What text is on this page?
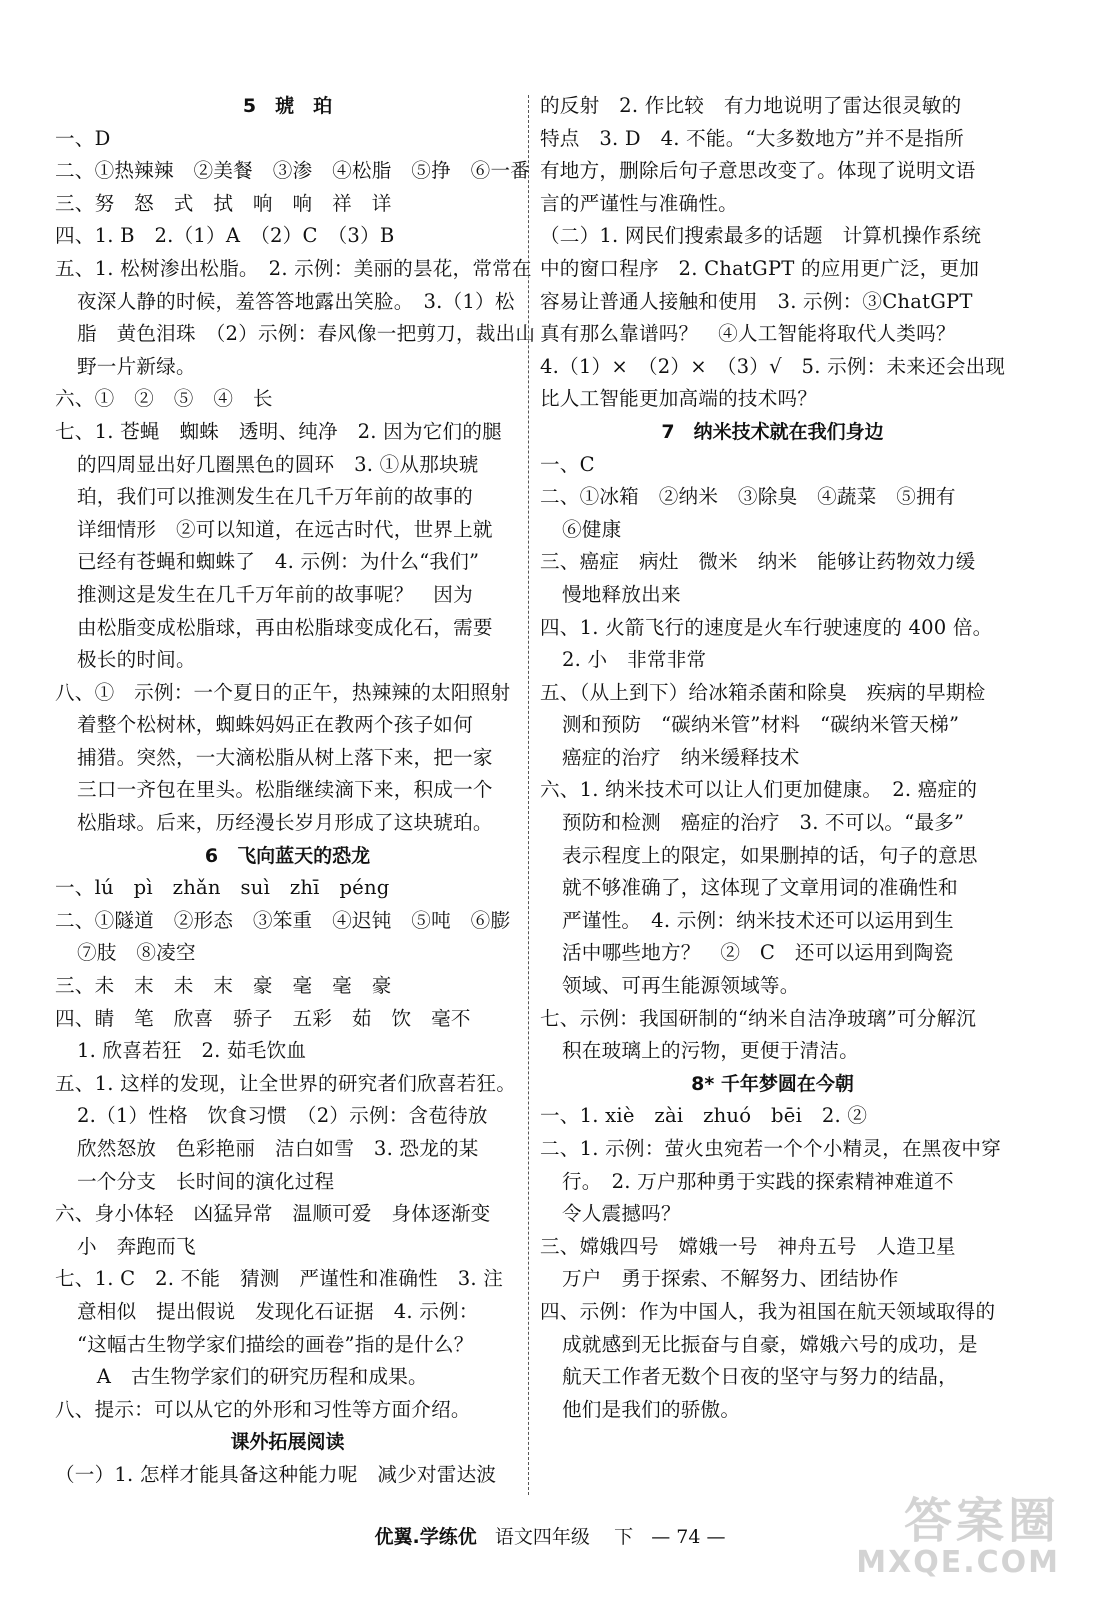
5　琥　珀
一、D
二、①热辣辣　②美餐　③渗　④松脂　⑤挣　⑥一番
三、努　怒　式　拭　响　响　祥　详
四、1. B　2.（1）A　（2）C　（3）B
五、1. 松树渗出松脂。　2. 示例：美丽的昙花，常常在
夜深人静的时候，羞答答地露出笑脸。　3.（1）松
脂　黄色泪珠　（2）示例：春风像一把剪刀，裁出山
野一片新绿。
六、①　②　⑤　④　长
七、1. 苍蝇　蜘蛛　透明、纯净　2. 因为它们的腿
的四周显出好几圈黑色的圆环　3. ①从那块琥
珀，我们可以推测发生在几千万年前的故事的
详细情形　②可以知道，在远古时代，世界上就
已经有苍蝇和蜘蛛了　4. 示例：为什么“我们”
推测这是发生在几千万年前的故事呢？　因为
由松脂变成松脂球，再由松脂球变成化石，需要
极长的时间。
八、①　示例：一个夏日的正午，热辣辣的太阳照射
着整个松树林，蜘蛛妈妈正在教两个孩子如何
捕猎。突然，一大滴松脂从树上落下来，把一家
三口一齐包在里头。松脂继续滴下来，积成一个
松脂球。后来，历经漫长岁月形成了这块琥珀。
6　飞向蓝天的恐龙
一、lú　pì　zhǎn　suì　zhī　péng
二、①隧道　②形态　③笨重　④迟钝　⑤吨　⑥膨
⑦肢　⑧凌空
三、未　末　未　末　豪　毫　毫　豪
四、睛　笔　欣喜　骄子　五彩　茹　饮　毫不
1. 欣喜若狂　2. 茹毛饮血
五、1. 这样的发现，让全世界的研究者们欣喜若狂。
2.（1）性格　饮食习惯　（2）示例：含苞待放
欣然怒放　色彩艳丽　洁白如雪　3. 恐龙的某
一个分支　长时间的演化过程
六、身小体轻　凶猛异常　温顺可爱　身体逐渐变
小　奔跑而飞
七、1. C　2. 不能　猜测　严谨性和准确性　3. 注
意相似　提出假说　发现化石证据　4. 示例：
“这幅古生物学家们描绘的画卷”指的是什么？
　A　古生物学家们的研究历程和成果。
八、提示：可以从它的外形和习性等方面介绍。
课外拓展阅读
（一）1. 怎样才能具备这种能力呢　减少对雷达波
的反射　2. 作比较　有力地说明了雷达很灵敏的
特点　3. D　4. 不能。“大多数地方”并不是指所
有地方，删除后句子意思改变了。体现了说明文语
言的严谨性与准确性。
（二）1. 网民们搜索最多的话题　计算机操作系统
中的窗口程序　2. ChatGPT 的应用更广泛，更加
容易让普通人接触和使用　3. 示例：③ChatGPT
真有那么靠谱吗？　④人工智能将取代人类吗？
4.（1）×　（2）×　（3）√　5. 示例：未来还会出现
比人工智能更加高端的技术吗？
7　纳米技术就在我们身边
一、C
二、①冰箱　②纳米　③除臭　④蔬菜　⑤拥有
⑥健康
三、癌症　病灶　微米　纳米　能够让药物效力缓
慢地释放出来
四、1. 火箭飞行的速度是火车行驶速度的 400 倍。
2. 小　非常非常
五、（从上到下）给冰箱杀菌和除臭　疾病的早期检
测和预防　“碳纳米管”材料　“碳纳米管天梯”
癌症的治疗　纳米缓释技术
六、1. 纳米技术可以让人们更加健康。　2. 癌症的
预防和检测　癌症的治疗　3. 不可以。“最多”
表示程度上的限定，如果删掉的话，句子的意思
就不够准确了，这体现了文章用词的准确性和
严谨性。　4. 示例：纳米技术还可以运用到生
活中哪些地方？　②　C　还可以运用到陶瓷
领域、可再生能源领域等。
七、示例：我国研制的“纳米自洁净玻璃”可分解沉
积在玻璃上的污物，更便于清洁。
8* 千年梦圆在今朝
一、1. xiè　zài　zhuó　bēi　2. ②
二、1. 示例：萤火虫宛若一个个小精灵，在黑夜中穿
行。　2. 万户那种勇于实践的探索精神难道不
令人震撼吗？
三、嫦娥四号　嫦娥一号　神舟五号　人造卫星
万户　勇于探索、不解努力、团结协作
四、示例：作为中国人，我为祖国在航天领域取得的
成就感到无比振奋与自豪，嫦娥六号的成功，是
航天工作者无数个日夜的坚守与努力的结晶，
他们是我们的骄傲。
优翼.学练优 语文四年级 下 — 74 —	答案圈
MXQE.COM
